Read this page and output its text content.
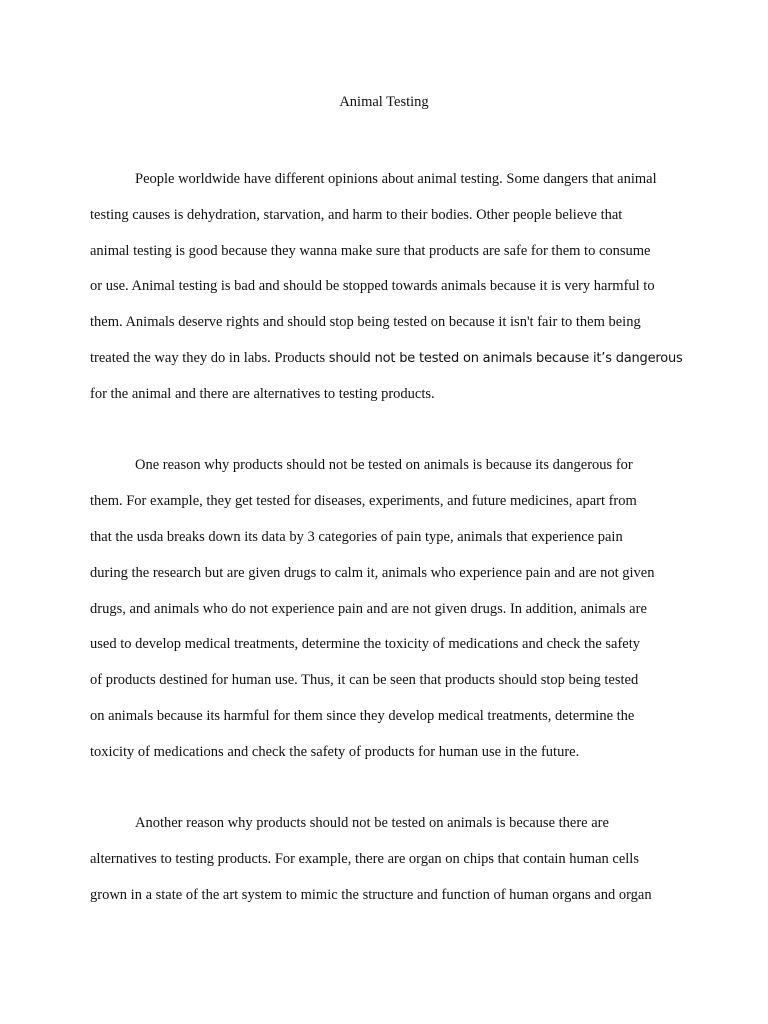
Animal Testing

People worldwide have different opinions about animal testing. Some dangers that animal
testing causes is dehydration, starvation, and harm to their bodies. Other people believe that
animal testing is good because they wanna make sure that products are safe for them to consume
or use. Animal testing is bad and should be stopped towards animals because it is very harmful to
them. Animals deserve rights and should stop being tested on because it isn't fair to them being
treated the way they do in labs. Products should not be tested on animals because it’s dangerous
for the animal and there are alternatives to testing products.

One reason why products should not be tested on animals is because its dangerous for
them. For example, they get tested for diseases, experiments, and future medicines, apart from
that the usda breaks down its data by 3 categories of pain type, animals that experience pain
during the research but are given drugs to calm it, animals who experience pain and are not given
drugs, and animals who do not experience pain and are not given drugs. In addition, animals are
used to develop medical treatments, determine the toxicity of medications and check the safety
of products destined for human use. Thus, it can be seen that products should stop being tested
on animals because its harmful for them since they develop medical treatments, determine the
toxicity of medications and check the safety of products for human use in the future.

Another reason why products should not be tested on animals is because there are
alternatives to testing products. For example, there are organ on chips that contain human cells
grown in a state of the art system to mimic the structure and function of human organs and organ
